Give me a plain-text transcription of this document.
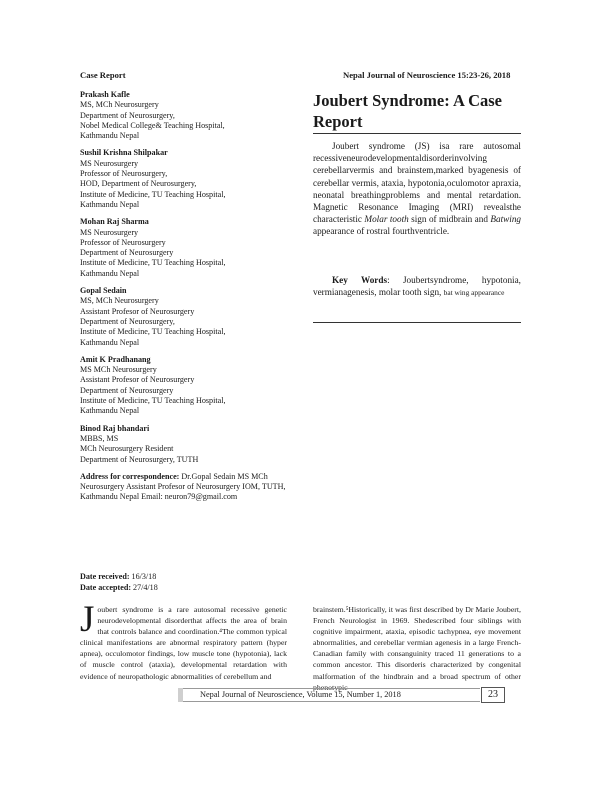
Case Report	Nepal Journal of Neuroscience 15:23-26, 2018
Prakash Kafle
MS, MCh Neurosurgery
Department of Neurosurgery,
Nobel Medical College& Teaching Hospital,
Kathmandu Nepal
Sushil Krishna Shilpakar
MS Neurosurgery
Professor of Neurosurgery,
HOD, Department of Neurosurgery,
Institute of Medicine, TU Teaching Hospital,
Kathmandu Nepal
Mohan Raj Sharma
MS Neurosurgery
Professor of Neurosurgery
Department of Neurosurgery
Institute of Medicine, TU Teaching Hospital,
Kathmandu Nepal
Gopal Sedain
MS, MCh Neurosurgery
Assistant Profesor of Neurosurgery
Department of Neurosurgery,
Institute of Medicine, TU Teaching Hospital,
Kathmandu Nepal
Amit K Pradhanang
MS MCh Neurosurgery
Assistant Profesor of Neurosurgery
Department of Neurosurgery
Institute of Medicine, TU Teaching Hospital,
Kathmandu Nepal
Binod Raj bhandari
MBBS, MS
MCh Neurosurgery Resident
Department of Neurosurgery, TUTH
Address for correspondence: Dr.Gopal Sedain MS MCh Neurosurgery Assistant Profesor of Neurosurgery IOM, TUTH, Kathmandu Nepal Email: neuron79@gmail.com
Date received: 16/3/18
Date accepted: 27/4/18
Joubert Syndrome: A Case Report
Joubert syndrome (JS) isa rare autosomal recessiveneurodevelopmentaldisorderinvolving cerebellarvermis and brainstem,marked byagenesis of cerebellar vermis, ataxia, hypotonia,oculomotor apraxia, neonatal breathingproblems and mental retardation. Magnetic Resonance Imaging (MRI) revealsthe characteristic Molar tooth sign of midbrain and Batwing appearance of rostral fourthventricle.
Key Words: Joubertsyndrome, hypotonia, vermianagenesis, molar tooth sign, bat wing appearance
Joubert syndrome is a rare autosomal recessive genetic neurodevelopmental disorderthat affects the area of brain that controls balance and coordination.⁴The common typical clinical manifestations are abnormal respiratory pattern (hyper apnea), occulomotor findings, low muscle tone (hypotonia), lack of muscle control (ataxia), developmental retardation with evidence of neuropathologic abnormalities of cerebellum and
brainstem.⁵Historically, it was first described by Dr Marie Joubert, French Neurologist in 1969. Shedescribed four siblings with cognitive impairment, ataxia, episodic tachypnea, eye movement abnormalities, and cerebellar vermian agenesis in a large French-Canadian family with consanguinity traced 11 generations to a common ancestor. This disorderis characterized by congenital malformation of the hindbrain and a broad spectrum of other
Nepal Journal of Neuroscience, Volume 15, Number 1, 2018	23
